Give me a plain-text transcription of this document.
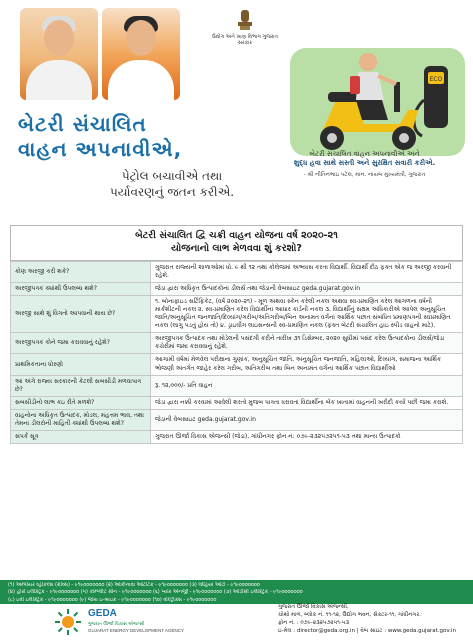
ઉદ્યોગ અને ખાણ વિભાગ ગુજરાત સરકાર
બેટરી સંચાલિત
વાહન અપનાવીએ,
પેટ્રોલ બચાવીએ તથા
પર્યાવરણનું જતન કરીએ.
ECO
બેટરી સંચાલિત વાહન અપનાવીએ અને
શુદ્ધ હવા સાથે સસ્તી અને સુરક્ષિત સવારી કરીએ.
- શ્રી નીતિનભાઇ પટેલ, માન. નાયબ મુખ્યમંત્રી, ગુજરાત
બેટરી સંચાલિત દ્વિ ચક્રી વાહન યોજના વર્ષ ૨૦૨૦-૨૧
યોજનાનો લાભ મેળવવા શું કરશો?
કોણ અરજી કરી શકે?	ગુજરાત રાજ્યની શાળાઓમાં ધો. ૯ થી ૧૨ તથા કોલેજમાં અભ્યાસ કરતા વિદ્યાર્થી. વિદ્યાર્થી દીઠ ફક્ત એક જ અરજી કરવાની રહેશે.
અરજીપત્રક ક્યાંથી ઉપલબ્ધ થશે?	જેડા દ્વારા અધિકૃત ઉત્પાદકોના ડીલર્સ તથા જેડાની વેબસાઇટ geda.gujarat.gov.in
અરજી સાથે શું વિગતો આપવાની થાય છે?	૧. બોનાફાઇડ સર્ટિફિકેટ, (વર્ષ ૨૦૨૦-૨૧) - મૂળ અથવા સ્કેન કરેલી નકલ અથવા સ્વ-પ્રમાણિત કરેલ આગળના વર્ષની માર્કશીટની નકલ ૨. સ્વ-પ્રમાણિત કરેલ વિદ્યાર્થીના આધાર કાર્ડની નકલ ૩. વિદ્યાર્થીનું સક્ષમ અધિકારીએ આપેલ અનુસૂચિત જાતિ/અનુસૂચિત જનજાતિ/દિવ્યાંગ/ગરીબ/અતિગરીબ/બિન અનામત વર્ગનાં આર્થિક પછાત સંબંધિત પ્રમાણપત્રની સ્વપ્રમાણિત નકલ (લાગુ પડતું હોય તો) ૪. ડ્રાઇવીંગ લાઇસન્સની સ્વ-પ્રમાણિત નકલ (ફક્ત બેટરી સંચાલિત હાઇ સ્પીડ વાહનો માટે).
અરજીપત્રક કોને જમા કરાવવાનું રહેશે?	અરજીપત્રક ઉત્પાદક તથા મોડેલની પસંદગી કરીને તારીખ ૩૧ ડિસેમ્બર, ૨૦૨૦ સુધીમાં પસંદ કરેલ ઉત્પાદકોના ડીલર્સ/જેડા કચેરીમાં જમા કરાવવાનું રહેશે.
પ્રાથમિકતાના ધોરણો	આગામી વર્ષમાં મેળવેલ પરીક્ષાના ગુણાંક, અનુસૂચિત જાતિ, અનુસૂચિત જનજાતિ, મહિલાઓ, દિવ્યાંગ, સમાજના આર્થિક ભોજણી અંતર્ગત જાહેર કરેલ ગરીબ, અતિગરીબ તથા બિન અનામત વર્ગનાં આર્થિક પછાત વિદ્યાર્થીઓ
આ અંગે રાજ્ય સરકારની કેટલી સબસીડી મળવાપાત્ર છે?	રૂ. ૧૨,૦૦૦/- પ્રતિ વાહન
સબસીડીનો લાભ કઇ રીતે મળશે?	જેડા દ્વારા નક્કી કરવામાં આવેલી શરતો મુજબ પાત્રતા ધરાવતા વિદ્યાર્થીના બેંક ખાતામાં વાહનની ખરીદી કર્યા પછી જમા કરાશે.
વાહનોના અધિકૃત ઉત્પાદક, મોડલ, મહત્તમ ભાવ, તથા તેમના ડીલરોની માહિતી ક્યાંથી ઉપલબ્ધ થશે?	જેડાની વેબસાઇટ geda.gujarat.gov.in
સંપર્ક સૂત્ર	ગુજરાત ઊર્જા વિકાસ એજન્સી (જેડા), ગાંધીનગર ફોન નં: ૦૭૯-૨૩૨૫૭૨૫૧-૫૩ તથા માન્ય ઉત્પાદકો
(૧) અમ્પીયર વ્હીકલ્સ (ગ્રીવ્સ) - ૯૧૯૦૦૦૦૦૦૦ (૨) ઓકીનાવા ઓટોટેક - ૯૧૯૦૦૦૦૦૦૦ (૩) લોહિયા ઓટો - ૯૧૯૦૦૦૦૦૦૦
(૪) હીરો ઇલેક્ટ્રિક - ૯૧૯૦૦૦૦૦૦૦ (૫) કોમ્પ્લીટ ગ્રીન - ૯૧૯૦૦૦૦૦૦૦ (૬) પ્યોર એનર્જી - ૯૧૯૦૦૦૦૦૦૦ (૭) ઓડીસી ઇલેક્ટ્રિક - ૯૧૯૦૦૦૦૦૦૦
(૮) ઇવી ઇલેક્ટ્રિક - ૯૧૯૦૦૦૦૦૦૦ (૯) જોય ઇ-બાઇક - ૯૧૯૦૦૦૦૦૦૦ (૧૦) વોલ્ટ્રીક્સ - ૯૧૯૦૦૦૦૦૦૦
GEDA
ગુજરાત ઊર્જા વિકાસ એજન્સી
GUJARAT ENERGY DEVELOPMENT AGENCY
ગુજરાત ઊર્જા વિકાસ એજન્સી,
ચોથો માળ, બ્લોક નં. ૧૧-૧૨, ઉદ્યોગ ભવન, સેક્ટર-૧૧, ગાંધીનગર.
ફોન નં. : ૦૭૯-૨૩૨૫૭૨૫૧-૫૩
ઇ-મેલ : director@geda.org.in | વેબ સાઇટ : www.geda.gujarat.gov.in
